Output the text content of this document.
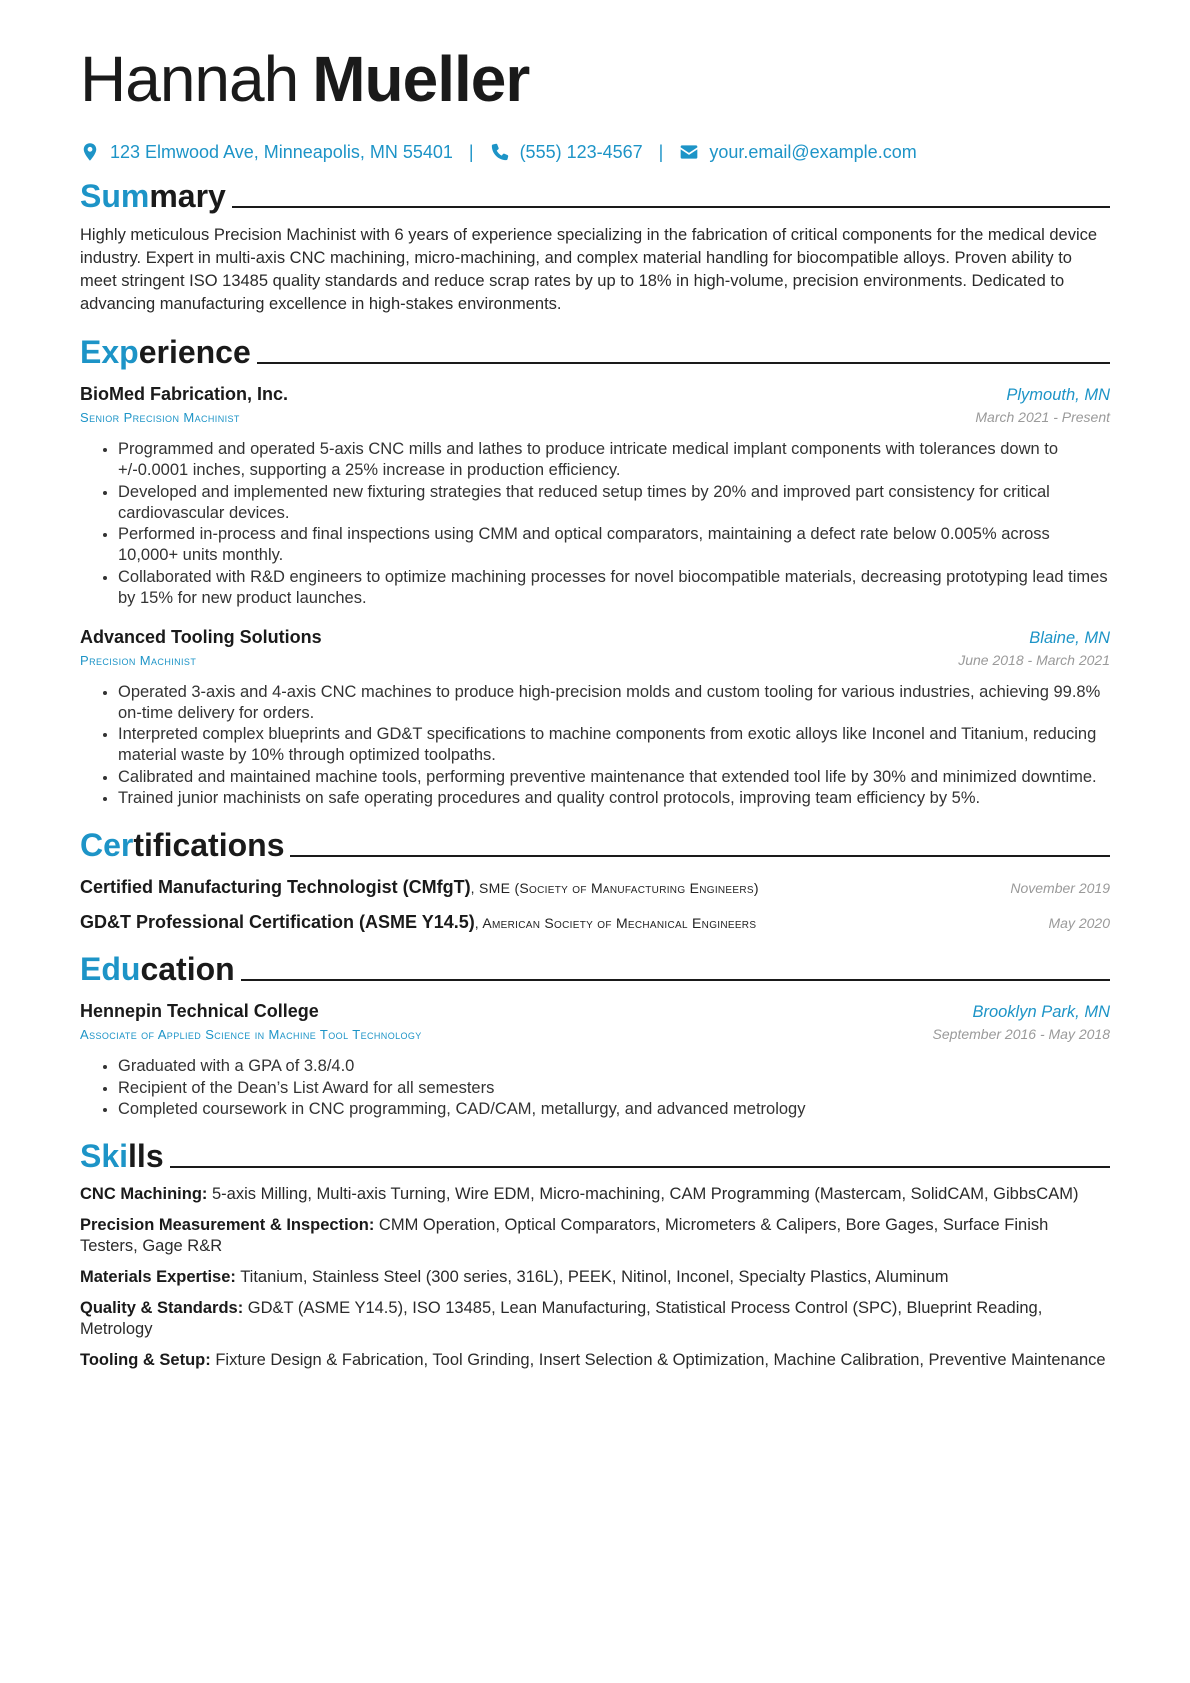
Hannah Mueller
123 Elmwood Ave, Minneapolis, MN 55401 |	(555) 123-4567 |	your.email@example.com
Summary
Highly meticulous Precision Machinist with 6 years of experience specializing in the fabrication of critical components for the medical device industry. Expert in multi-axis CNC machining, micro-machining, and complex material handling for biocompatible alloys. Proven ability to meet stringent ISO 13485 quality standards and reduce scrap rates by up to 18% in high-volume, precision environments. Dedicated to advancing manufacturing excellence in high-stakes environments.
Experience
BioMed Fabrication, Inc.	Plymouth, MN
Senior Precision Machinist	March 2021 - Present
• Programmed and operated 5-axis CNC mills and lathes to produce intricate medical implant components with tolerances down to +/-0.0001 inches, supporting a 25% increase in production efficiency.
• Developed and implemented new fixturing strategies that reduced setup times by 20% and improved part consistency for critical cardiovascular devices.
• Performed in-process and final inspections using CMM and optical comparators, maintaining a defect rate below 0.005% across 10,000+ units monthly.
• Collaborated with R&D engineers to optimize machining processes for novel biocompatible materials, decreasing prototyping lead times by 15% for new product launches.
Advanced Tooling Solutions	Blaine, MN
Precision Machinist	June 2018 - March 2021
• Operated 3-axis and 4-axis CNC machines to produce high-precision molds and custom tooling for various industries, achieving 99.8% on-time delivery for orders.
• Interpreted complex blueprints and GD&T specifications to machine components from exotic alloys like Inconel and Titanium, reducing material waste by 10% through optimized toolpaths.
• Calibrated and maintained machine tools, performing preventive maintenance that extended tool life by 30% and minimized downtime.
• Trained junior machinists on safe operating procedures and quality control protocols, improving team efficiency by 5%.
Certifications
Certified Manufacturing Technologist (CMfgT), SME (Society of Manufacturing Engineers)	November 2019
GD&T Professional Certification (ASME Y14.5), American Society of Mechanical Engineers	May 2020
Education
Hennepin Technical College	Brooklyn Park, MN
Associate of Applied Science in Machine Tool Technology	September 2016 - May 2018
• Graduated with a GPA of 3.8/4.0
• Recipient of the Dean’s List Award for all semesters
• Completed coursework in CNC programming, CAD/CAM, metallurgy, and advanced metrology
Skills
CNC Machining: 5-axis Milling, Multi-axis Turning, Wire EDM, Micro-machining, CAM Programming (Mastercam, SolidCAM, GibbsCAM)
Precision Measurement & Inspection: CMM Operation, Optical Comparators, Micrometers & Calipers, Bore Gages, Surface Finish Testers, Gage R&R
Materials Expertise: Titanium, Stainless Steel (300 series, 316L), PEEK, Nitinol, Inconel, Specialty Plastics, Aluminum
Quality & Standards: GD&T (ASME Y14.5), ISO 13485, Lean Manufacturing, Statistical Process Control (SPC), Blueprint Reading, Metrology
Tooling & Setup: Fixture Design & Fabrication, Tool Grinding, Insert Selection & Optimization, Machine Calibration, Preventive Maintenance
